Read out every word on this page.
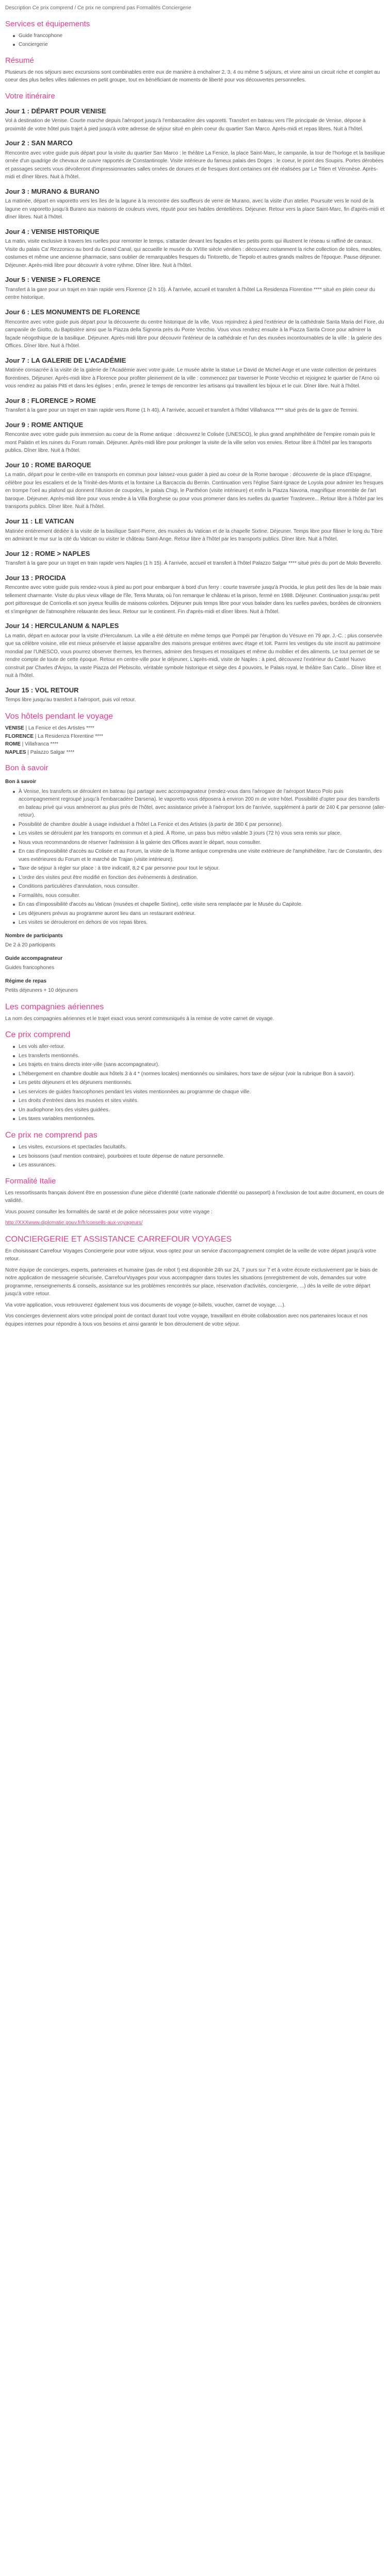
Description Ce prix comprend / Ce prix ne comprend pas Formalités Conciergerie
Services et équipements
Guide francophone
Conciergerie
Résumé

Plusieurs de nos séjours avec excursions sont combinables entre eux de manière à enchaîner 2, 3, 4 ou même 5 séjours, et vivre ainsi un circuit riche et complet au coeur des plus belles villes italiennes en petit groupe, tout en bénéficiant de moments de liberté pour vos découvertes personnelles.

Votre itinéraire
Jour 1 : DÉPART POUR VENISE

Vol à destination de Venise. Courte marche depuis l'aéroport jusqu'à l'embarcadère des vaporetti. Transfert en bateau vers l'île principale de Venise, dépose à proximité de votre hôtel puis trajet à pied jusqu'à votre adresse de séjour situé en plein coeur du quartier San Marco. Après-midi et repas libres. Nuit à l'hôtel.

Jour 2 : SAN MARCO

Rencontre avec votre guide puis départ pour la visite du quartier San Marco : le théâtre La Fenice, la place Saint-Marc, le campanile, la tour de l'horloge et la basilique ornée d'un quadrige de chevaux de cuivre rapportés de Constantinople. Visite intérieure du fameux palais des Doges : le coeur, le point des Soupirs. Portes dérobées et passages secrets vous dévoileront d'impressionnantes salles ornées de dorures et de fresques dont certaines ont été réalisées par Le Titien et Véronèse. Après-midi et dîner libres. Nuit à l'hôtel.

Jour 3 : MURANO & BURANO

La matinée, départ en vaporetto vers les îles de la lagune à la rencontre des souffleurs de verre de Murano, avec la visite d'un atelier. Poursuite vers le nord de la lagune en vaporetto jusqu'à Burano aux maisons de couleurs vives, réputé pour ses habiles dentellières. Déjeuner. Retour vers la place Saint-Marc, fin d'après-midi et dîner libres. Nuit à l'hôtel.

Jour 4 : VENISE HISTORIQUE

La matin, visite exclusive à travers les ruelles pour remonter le temps, s'attarder devant les façades et les petits ponts qui illustrent le réseau si raffiné de canaux. Visite du palais Ca' Rezzonico au bord du Grand Canal, qui accueille le musée du XVIIIe siècle vénitien : découvrez notamment la riche collection de toiles, meubles, costumes et même une ancienne pharmacie, sans oublier de remarquables fresques du Tintoretto, de Tiepolo et autres grands maîtres de l'époque. Pause déjeuner. Déjeuner. Après-midi libre pour découvrir à votre rythme. Dîner libre. Nuit à l'hôtel.

Jour 5 : VENISE > FLORENCE

Transfert à la gare pour un trajet en train rapide vers Florence (2 h 10). À l'arrivée, accueil et transfert à l'hôtel La Residenza Florentine **** situé en plein coeur du centre historique.

Jour 6 : LES MONUMENTS DE FLORENCE

Rencontre avec votre guide puis départ pour la découverte du centre historique de la ville. Vous rejoindrez à pied l'extérieur de la cathédrale Santa Maria del Fiore, du campanile de Giotto, du Baptistère ainsi que la Piazza della Signoria près du Ponte Vecchio. Vous vous rendrez ensuite à la Piazza Santa Croce pour admirer la façade néogothique de la basilique. Déjeuner. Après-midi libre pour découvrir l'intérieur de la cathédrale et l'un des musées incontournables de la ville : la galerie des Offices. Dîner libre. Nuit à l'hôtel.

Jour 7 : LA GALERIE DE L'ACADÉMIE

Matinée consacrée à la visite de la galerie de l'Académie avec votre guide. Le musée abrite la statue Le David de Michel-Ange et une vaste collection de peintures florentines. Déjeuner. Après-midi libre à Florence pour profiter pleinement de la ville : commencez par traverser le Ponte Vecchio et rejoignez le quartier de l'Arno où vous rendrez au palais Pitti et dans les églises ; enfin, prenez le temps de rencontrer les artisans qui travaillent les bijoux et le cuir. Dîner libre. Nuit à l'hôtel.

Jour 8 : FLORENCE > ROME

Transfert à la gare pour un trajet en train rapide vers Rome (1 h 40). À l'arrivée, accueil et transfert à l'hôtel Villafranca **** situé près de la gare de Termini.

Jour 9 : ROME ANTIQUE

Rencontre avec votre guide puis immersion au coeur de la Rome antique : découvrez le Colisée (UNESCO), le plus grand amphithéâtre de l'empire romain puis le mont Palatin et les ruines du Forum romain. Déjeuner. Après-midi libre pour prolonger la visite de la ville selon vos envies. Retour libre à l'hôtel par les transports publics. Dîner libre. Nuit à l'hôtel.

Jour 10 : ROME BAROQUE

La matin, départ pour le centre-ville en transports en commun pour laissez-vous guider à pied au coeur de la Rome baroque : découverte de la place d'Espagne, célèbre pour les escaliers et de la Trinité-des-Monts et la fontaine La Barcaccia du Bernin. Continuation vers l'église Saint-Ignace de Loyola pour admirer les fresques en trompe l'oeil au plafond qui donnent l'illusion de coupoles, le palais Chigi, le Panthéon (visite intérieure) et enfin la Piazza Navona, magnifique ensemble de l'art baroque. Déjeuner. Après-midi libre pour vous rendre à la Villa Borghese ou pour vous promener dans les ruelles du quartier Trastevere... Retour libre à l'hôtel par les transports publics. Dîner libre. Nuit à l'hôtel.

Jour 11 : LE VATICAN

Matinée entièrement dédiée à la visite de la basilique Saint-Pierre, des musées du Vatican et de la chapelle Sixtine. Déjeuner. Temps libre pour flâner le long du Tibre en admirant le mur sur la cité du Vatican ou visiter le château Saint-Ange. Retour libre à l'hôtel par les transports publics. Dîner libre. Nuit à l'hôtel.

Jour 12 : ROME > NAPLES

Transfert à la gare pour un trajet en train rapide vers Naples (1 h 15). À l'arrivée, accueil et transfert à l'hôtel Palazzo Salgar **** situé près du port de Molo Beverello.

Jour 13 : PROCIDA

Rencontre avec votre guide puis rendez-vous à pied au port pour embarquer à bord d'un ferry : courte traversée jusqu'à Procida, le plus petit des îles de la baie mais tellement charmante. Visite du plus vieux village de l'île, Terra Murata, où l'on remarque le château et la prison, fermé en 1988. Déjeuner. Continuation jusqu'au petit port pittoresque de Corricella et son joyeux feuillis de maisons colorées. Déjeuner puis temps libre pour vous balader dans les ruelles pavées, bordées de citronniers et s'imprégner de l'atmosphère relaxante des lieux. Retour sur le continent. Fin d'après-midi et dîner libres. Nuit à l'hôtel.

Jour 14 : HERCULANUM & NAPLES

La matin, départ en autocar pour la visite d'Herculanum. La ville a été détruite en même temps que Pompéi par l'éruption du Vésuve en 79 apr. J.-C. : plus conservée que sa célèbre voisine, elle est mieux préservée et laisse apparaître des maisons presque entières avec étage et toit. Parmi les vestiges du site inscrit au patrimoine mondial par l'UNESCO, vous pourrez observer thermes, les thermes, admirer des fresques et mosaïques et même du mobilier et des aliments. Le tout permet de se rendre compte de toute de cette époque. Retour en centre-ville pour le déjeuner. L'après-midi, visite de Naples : à pied, découvrez l'extérieur du Castel Nuovo construit par Charles d'Anjou, la vaste Piazza del Plebiscito, véritable symbole historique et siège des 4 pouvoirs, le Palais royal, le théâtre San Carlo... Dîner libre et nuit à l'hôtel.

Jour 15 : VOL RETOUR

Temps libre jusqu'au transfert à l'aéroport, puis vol retour.

Vos hôtels pendant le voyage

VENISE | La Fenice et des Artistes ****

FLORENCE | La Residenza Florentine ****

ROME | Villafranca ****

NAPLES | Palazzo Salgar ****

Bon à savoir
Bon à savoir
À Venise, les transferts se déroulent en bateau (qui partage avec accompagnateur (rendez-vous dans l'aérogare de l'aéroport Marco Polo puis accompagnement regroupé jusqu'à l'embarcadère Darsena). le vaporetto vous déposera à environ 200 m de votre hôtel. Possibilité d'opter pour des transferts en bateau privé qui vous amèneront au plus près de l'hôtel, avec assistance privée à l'aéroport lors de l'arrivée, supplément à partir de 240 € par personne (aller-retour).
Possibilité de chambre double à usage individuel à l'hôtel La Fenice et des Artistes (à partir de 380 € par personne).
Les visites se déroulent par les transports en commun et à pied. À Rome, un pass bus métro valable 3 jours (72 h) vous sera remis sur place.
Nous vous recommandons de réserver l'admission à la galerie des Offices avant le départ, nous consulter.
En cas d'impossibilité d'accès au Colisée et au Forum, la visite de la Rome antique comprendra une visite extérieure de l'amphithéâtre, l'arc de Constantin, des vues extérieures du Forum et le marché de Trajan (visite intérieure).
Taxe de séjour à régler sur place : à titre indicatif, 8,2 € par personne pour tout le séjour.
L'ordre des visites peut être modifié en fonction des événements à destination.
Conditions particulières d'annulation, nous consulter.
Formalités, nous consulter.
En cas d'impossibilité d'accès au Vatican (musées et chapelle Sixtine), cette visite sera remplacée par le Musée du Capitole.
Les déjeuners prévus au programme auront lieu dans un restaurant extérieur.
Les visites se dérouleront en dehors de vos repas libres.
Nombre de participants

De 2 à 20 participants

Guide accompagnateur

Guides francophones

Régime de repas

Petits déjeuners + 10 déjeuners

Les compagnies aériennes

La nom des compagnies aériennes et le trajet exact vous seront communiqués à la remise de votre carnet de voyage.

Ce prix comprend
Les vols aller-retour.
Les transferts mentionnés.
Les trajets en trains directs inter-ville (sans accompagnateur).
L'hébergement en chambre double aux hôtels 3 à 4 * (normes locales) mentionnés ou similaires, hors taxe de séjour (voir la rubrique Bon à savoir).
Les petits déjeuners et les déjeuners mentionnés.
Les services de guides francophones pendant les visites mentionnées au programme de chaque ville.
Les droits d'entrées dans les musées et sites visités.
Un audiophone lors des visites guidées.
Les taxes variables mentionnées.
Ce prix ne comprend pas
Les visites, excursions et spectacles facultatifs.
Les boissons (sauf mention contraire), pourboires et toute dépense de nature personnelle.
Les assurances.
Formalité Italie

Les ressortissants français doivent être en possession d'une pièce d'identité (carte nationale d'identité ou passeport) à l'exclusion de tout autre document, en cours de validité.

Vous pouvez consulter les formalités de santé et de police nécessaires pour votre voyage :

http://XXXwww.diplomatie.gouv.fr/fr/conseils-aux-voyageurs/

CONCIERGERIE ET ASSISTANCE CARREFOUR VOYAGES

En choisissant Carrefour Voyages Conciergerie pour votre séjour, vous optez pour un service d'accompagnement complet de la veille de votre départ jusqu'à votre retour.

Notre équipe de concierges, experts, partenaires et humaine (pas de robot !) est disponible 24h sur 24, 7 jours sur 7 et à votre écoute exclusivement par le biais de notre application de messagerie sécurisée, CarrefourVoyages pour vous accompagner dans toutes les situations (enregistrement de vols, demandes sur votre programme, renseignements & conseils, assistance sur les problèmes rencontrés sur place, réservation d'activités, conciergerie, ...) dès la veille de votre départ jusqu'à votre retour.

Via votre application, vous retrouverez également tous vos documents de voyage (e-billets, voucher, carnet de voyage, ...).

Vos concierges deviennent alors votre principal point de contact durant tout votre voyage, travaillant en étroite collaboration avec nos partenaires locaux et nos équipes internes pour répondre à tous vos besoins et ainsi garantir le bon déroulement de votre séjour.
